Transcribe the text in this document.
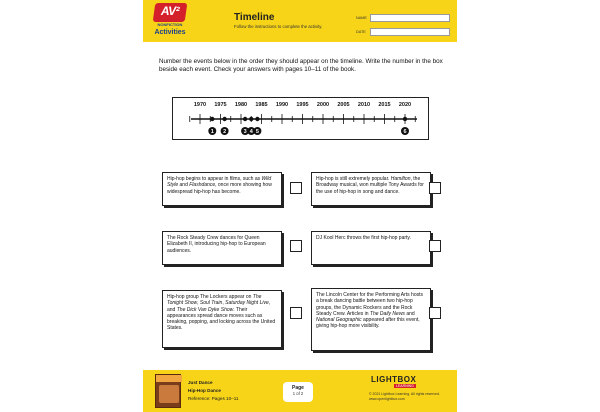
AV²
NONFICTION
Activities
Timeline
Follow the instructions to complete the activity.
NAME
DATE
Number the events below in the order they should appear on the timeline. Write the number in the box beside each event. Check your answers with pages 10–11 of the book.
1970 1975 1980 1985 1990 1995 2000 2005 2010 2015 2020
1 2	3 4 5	6
Hip-hop begins to appear in films, such as Wild Style and Flashdance, once more showing how widespread hip-hop has become.
The Rock Steady Crew dances for Queen Elizabeth II, introducing hip-hop to European audiences.
Hip-hop group The Lockers appear on The Tonight Show, Soul Train, Saturday Night Live, and The Dick Van Dyke Show. Their appearances spread dance moves such as breaking, popping, and locking across the United States.
Hip-hop is still extremely popular. Hamilton, the Broadway musical, won multiple Tony Awards for the use of hip-hop in song and dance.
DJ Kool Herc throws the first hip-hop party.
The Lincoln Center for the Performing Arts hosts a break dancing battle between two hip-hop groups, the Dynamic Rockers and the Rock Steady Crew. Articles in The Daily News and National Geographic appeared after this event, giving hip-hop more visibility.
Just Dance
Hip-Hop Dance
Reference: Pages 10–11
Page
1 of 2
LIGHTBOX
LEARNING
© 2021 Lightbox Learning. All rights reserved.
www.openlightbox.com
